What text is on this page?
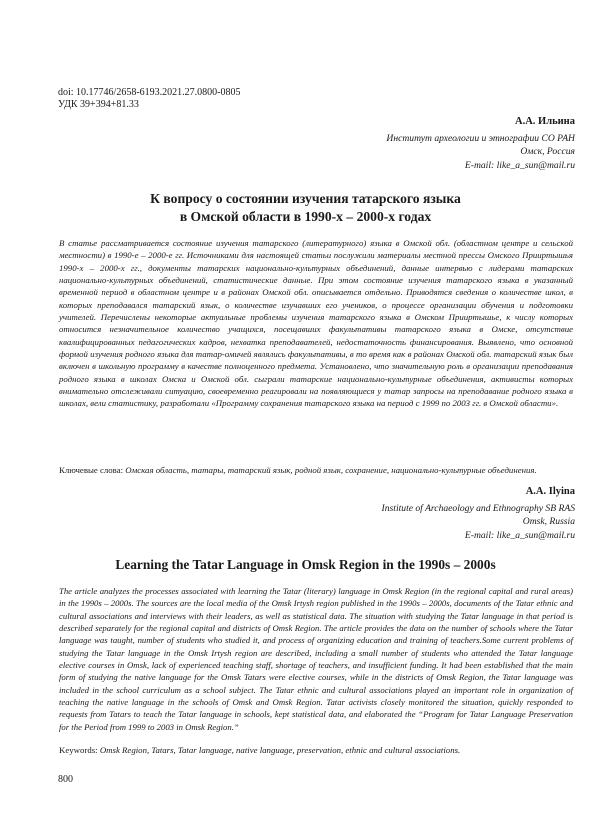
doi: 10.17746/2658-6193.2021.27.0800-0805
УДК 39+394+81.33
А.А. Ильина
Институт археологии и этнографии СО РАН
Омск, Россия
E-mail: like_a_sun@mail.ru
К вопросу о состоянии изучения татарского языка
в Омской области в 1990-х – 2000-х годах

В статье рассматривается состояние изучения татарского (литературного) языка в Омской обл. (областном центре и сельской местности) в 1990-е – 2000-е гг. Источниками для настоящей статьи послужили материалы местной прессы Омского Прииртышья 1990-х – 2000-х гг., документы татарских национально-культурных объединений, данные интервью с лидерами татарских национально-культурных объединений, статистические данные. При этом состояние изучения татарского языка в указанный временной период в областном центре и в районах Омской обл. описывается отдельно. Приводятся сведения о количестве школ, в которых преподавался татарский язык, о количестве изучавших его учеников, о процессе организации обучения и подготовки учителей. Перечислены некоторые актуальные проблемы изучения татарского языка в Омском Прииртышье, к числу которых относится незначительное количество учащихся, посещавших факультативы татарского языка в Омске, отсутствие квалифицированных педагогических кадров, нехватка преподавателей, недостаточность финансирования. Выявлено, что основной формой изучения родного языка для татар-омичей являлись факультативы, в то время как в районах Омской обл. татарский язык был включен в школьную программу в качестве полноценного предмета. Установлено, что значительную роль в организации преподавания родного языка в школах Омска и Омской обл. сыграли татарские национально-культурные объединения, активисты которых внимательно отслеживали ситуацию, своевременно реагировали на появляющиеся у татар запросы на преподавание родного языка в школах, вели статистику, разработали «Программу сохранения татарского языка на период с 1999 по 2003 гг. в Омской области».

Ключевые слова: Омская область, татары, татарский язык, родной язык, сохранение, национально-культурные объединения.

A.A. Ilyina
Institute of Archaeology and Ethnography SB RAS
Omsk, Russia
E-mail: like_a_sun@mail.ru
Learning the Tatar Language in Omsk Region in the 1990s – 2000s

The article analyzes the processes associated with learning the Tatar (literary) language in Omsk Region (in the regional capital and rural areas) in the 1990s – 2000s. The sources are the local media of the Omsk Irtysh region published in the 1990s – 2000s, documents of the Tatar ethnic and cultural associations and interviews with their leaders, as well as statistical data. The situation with studying the Tatar language in that period is described separately for the regional capital and districts of Omsk Region. The article provides the data on the number of schools where the Tatar language was taught, number of students who studied it, and process of organizing education and training of teachers.Some current problems of studying the Tatar language in the Omsk Irtysh region are described, including a small number of students who attended the Tatar language elective courses in Omsk, lack of experienced teaching staff, shortage of teachers, and insufficient funding. It had been established that the main form of studying the native language for the Omsk Tatars were elective courses, while in the districts of Omsk Region, the Tatar language was included in the school curriculum as a school subject. The Tatar ethnic and cultural associations played an important role in organization of teaching the native language in the schools of Omsk and Omsk Region. Tatar activists closely monitored the situation, quickly responded to requests from Tatars to teach the Tatar language in schools, kept statistical data, and elaborated the “Program for Tatar Language Preservation for the Period from 1999 to 2003 in Omsk Region.”

Keywords: Omsk Region, Tatars, Tatar language, native language, preservation, ethnic and cultural associations.

800
